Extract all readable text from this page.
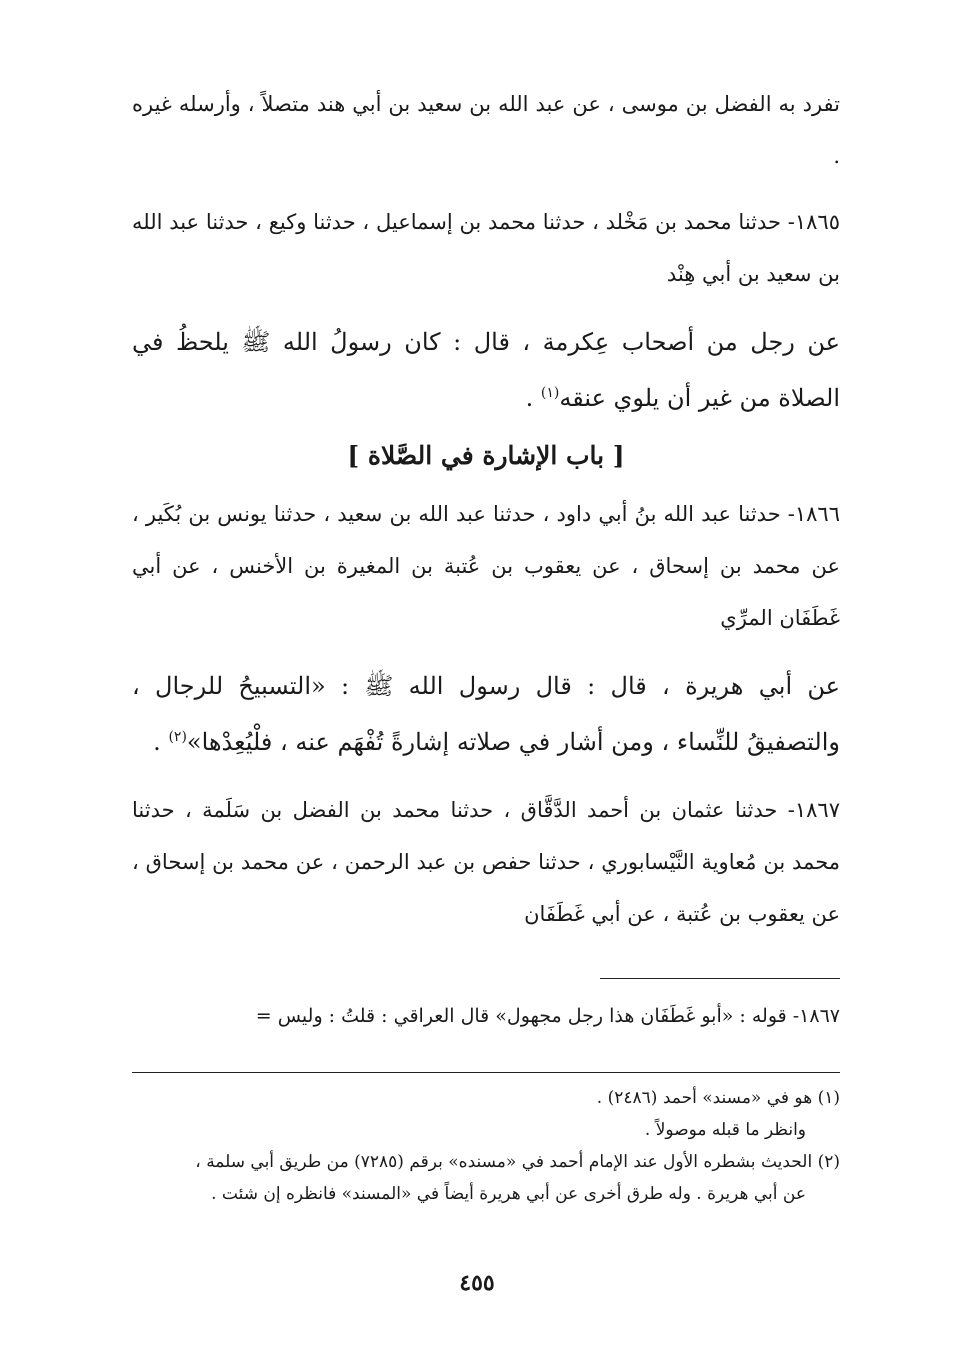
تفرد به الفضل بن موسى ، عن عبد الله بن سعيد بن أبي هند متصلاً ، وأرسله غيره .

١٨٦٥- حدثنا محمد بن مَخْلد ، حدثنا محمد بن إسماعيل ، حدثنا وكيع ، حدثنا عبد الله بن سعيد بن أبي هِنْد

عن رجل من أصحاب عِكرمة ، قال : كان رسولُ الله ﷺ يلحظُ في الصلاة من غير أن يلوي عنقه$^{(١)}$ .

[ باب الإشارة في الصَّلاة ]

١٨٦٦- حدثنا عبد الله بنُ أبي داود ، حدثنا عبد الله بن سعيد ، حدثنا يونس بن بُكَير ، عن محمد بن إسحاق ، عن يعقوب بن عُتبة بن المغيرة بن الأخنس ، عن أبي غَطَفَان المرِّي

عن أبي هريرة ، قال : قال رسول الله ﷺ : «التسبيحُ للرجال ، والتصفيقُ للنِّساء ، ومن أشار في صلاته إشارةً تُفْهَم عنه ، فلْيُعِدْها»$^{(٢)}$ .

١٨٦٧- حدثنا عثمان بن أحمد الدَّقَّاق ، حدثنا محمد بن الفضل بن سَلَمة ، حدثنا محمد بن مُعاوية النَّيْسابوري ، حدثنا حفص بن عبد الرحمن ، عن محمد بن إسحاق ، عن يعقوب بن عُتبة ، عن أبي غَطَفَان

١٨٦٧- قوله : «أبو غَطَفَان هذا رجل مجهول» قال العراقي : قلتُ : وليس =

(١) هو في «مسند» أحمد (٢٤٨٦) .

وانظر ما قبله موصولاً .

(٢) الحديث بشطره الأول عند الإمام أحمد في «مسنده» برقم (٧٢٨٥) من طريق أبي سلمة ،

عن أبي هريرة . وله طرق أخرى عن أبي هريرة أيضاً في «المسند» فانظره إن شئت .

٤٥٥
